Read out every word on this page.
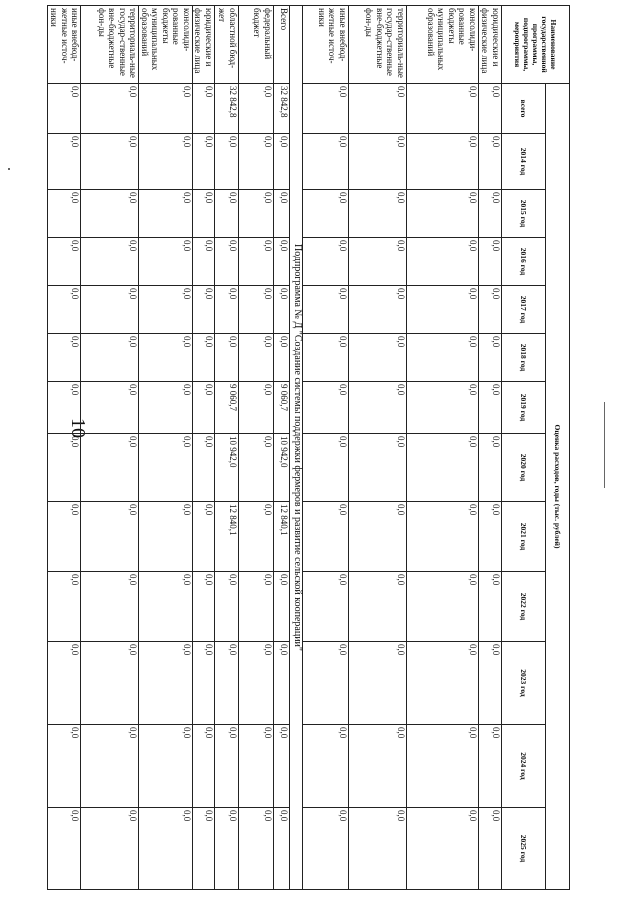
10
Наименование государственной программы, подпрограммы, мероприятия	Оценка расходов, годы (тыс. рублей)												
	всего	2014 год	2015 год	2016 год	2017 год	2018 год	2019 год	2020 год	2021 год	2022 год	2023 год	2024 год	2025 год
юридические и физические лица	0,0	0,0	0,0	0,0	0,0	0,0	0,0	0,0	0,0	0,0	0,0	0,0	0,0
консолиди-рованные бюджеты муниципальных образований	0,0	0,0	0,0	0,0	0,0	0,0	0,0	0,0	0,0	0,0	0,0	0,0	0,0
территориаль-ные государ-ственные вне-бюджетные фон-ды	0,0	0,0	0,0	0,0	0,0	0,0	0,0	0,0	0,0	0,0	0,0	0,0	0,0
иные внебюд-жетные источ-ники	0,0	0,0	0,0	0,0	0,0	0,0	0,0	0,0	0,0	0,0	0,0	0,0	0,0
Подпрограмма № Д "Создание системы поддержки фермеров и развитие сельской кооперации"													
Всего	32 842,8	0,0	0,0	0,0	0,0	0,0	9 060,7	10 942,0	12 840,1	0,0	0,0	0,0	0,0
федеральный бюджет	0,0	0,0	0,0	0,0	0,0	0,0	0,0	0,0	0,0	0,0	0,0	0,0	0,0
областной бюд-жет	32 842,8	0,0	0,0	0,0	0,0	0,0	9 060,7	10 942,0	12 840,1	0,0	0,0	0,0	0,0
юридические и физические лица	0,0	0,0	0,0	0,0	0,0	0,0	0,0	0,0	0,0	0,0	0,0	0,0	0,0
консолиди-рованные бюджеты муниципальных образований	0,0	0,0	0,0	0,0	0,0	0,0	0,0	0,0	0,0	0,0	0,0	0,0	0,0
территориаль-ные государ-ственные вне-бюджетные фон-ды	0,0	0,0	0,0	0,0	0,0	0,0	0,0	0,0	0,0	0,0	0,0	0,0	0,0
иные внебюд-жетные источ-ники	0,0	0,0	0,0	0,0	0,0	0,0	0,0	0,0	0,0	0,0	0,0	0,0	0,0
